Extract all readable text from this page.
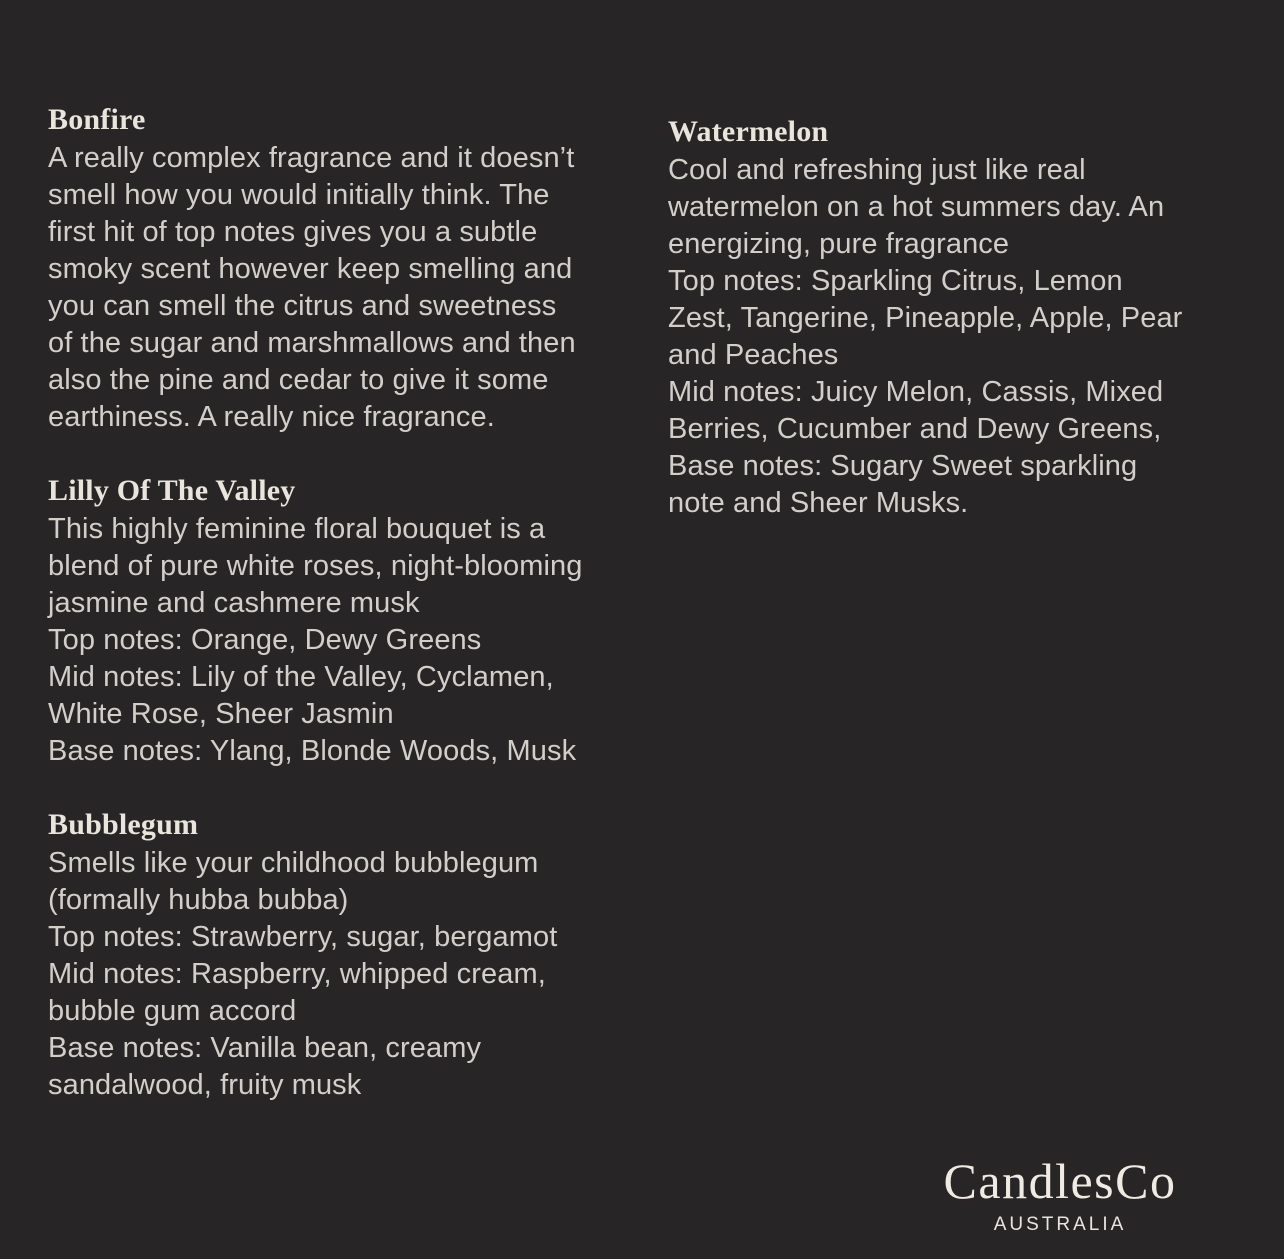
Bonfire
A really complex fragrance and it doesn’t
smell how you would initially think. The
first hit of top notes gives you a subtle
smoky scent however keep smelling and
you can smell the citrus and sweetness
of the sugar and marshmallows and then
also the pine and cedar to give it some
earthiness. A really nice fragrance.
Lilly Of The Valley
This highly feminine floral bouquet is a
blend of pure white roses, night-blooming
jasmine and cashmere musk
Top notes: Orange, Dewy Greens
Mid notes: Lily of the Valley, Cyclamen,
White Rose, Sheer Jasmin
Base notes: Ylang, Blonde Woods, Musk
Bubblegum
Smells like your childhood bubblegum
(formally hubba bubba)
Top notes: Strawberry, sugar, bergamot
Mid notes: Raspberry, whipped cream,
bubble gum accord
Base notes: Vanilla bean, creamy
sandalwood, fruity musk
Watermelon
Cool and refreshing just like real
watermelon on a hot summers day. An
energizing, pure fragrance
Top notes: Sparkling Citrus, Lemon
Zest, Tangerine, Pineapple, Apple, Pear
and Peaches
Mid notes: Juicy Melon, Cassis, Mixed
Berries, Cucumber and Dewy Greens,
Base notes: Sugary Sweet sparkling
note and Sheer Musks.
CandlesCo
AUSTRALIA
